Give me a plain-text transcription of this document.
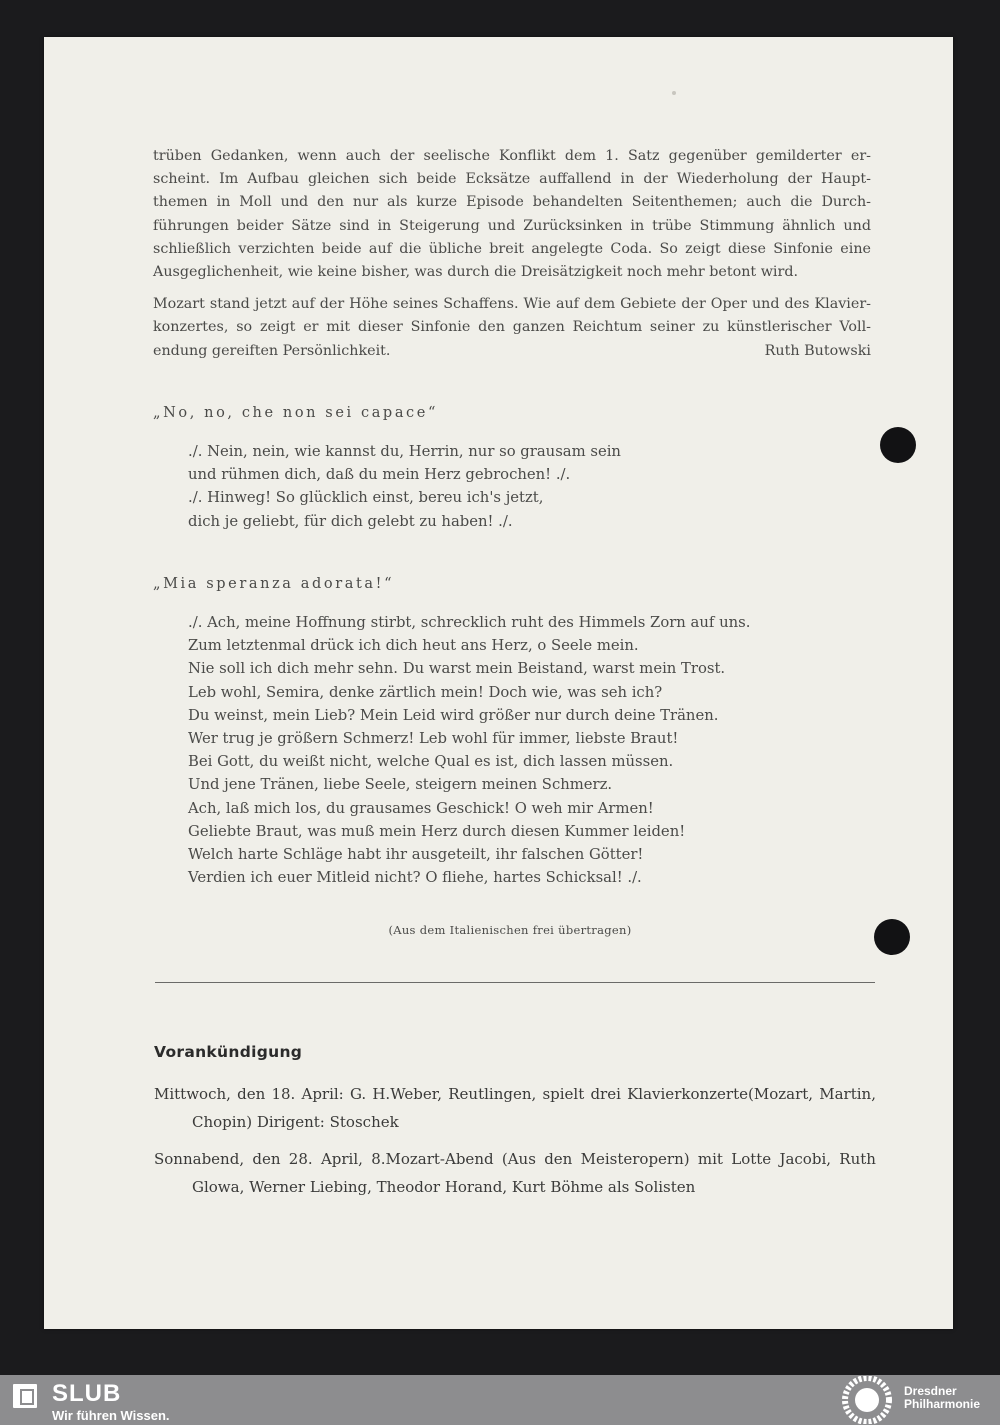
trüben Gedanken, wenn auch der seelische Konflikt dem 1. Satz gegenüber gemilderter er-

scheint. Im Aufbau gleichen sich beide Ecksätze auffallend in der Wiederholung der Haupt-

themen in Moll und den nur als kurze Episode behandelten Seitenthemen; auch die Durch-

führungen beider Sätze sind in Steigerung und Zurücksinken in trübe Stimmung ähnlich und

schließlich verzichten beide auf die übliche breit angelegte Coda. So zeigt diese Sinfonie eine

Ausgeglichenheit, wie keine bisher, was durch die Dreisätzigkeit noch mehr betont wird.

Mozart stand jetzt auf der Höhe seines Schaffens. Wie auf dem Gebiete der Oper und des Klavier-

konzertes, so zeigt er mit dieser Sinfonie den ganzen Reichtum seiner zu künstlerischer Voll-

endung gereiften Persönlichkeit.	Ruth Butowski
„No, no, che non sei capace“
./. Nein, nein, wie kannst du, Herrin, nur so grausam sein
und rühmen dich, daß du mein Herz gebrochen! ./.
./. Hinweg! So glücklich einst, bereu ich's jetzt,
dich je geliebt, für dich gelebt zu haben! ./.
„Mia speranza adorata!“
./. Ach, meine Hoffnung stirbt, schrecklich ruht des Himmels Zorn auf uns.
Zum letztenmal drück ich dich heut ans Herz, o Seele mein.
Nie soll ich dich mehr sehn. Du warst mein Beistand, warst mein Trost.
Leb wohl, Semira, denke zärtlich mein! Doch wie, was seh ich?
Du weinst, mein Lieb? Mein Leid wird größer nur durch deine Tränen.
Wer trug je größern Schmerz! Leb wohl für immer, liebste Braut!
Bei Gott, du weißt nicht, welche Qual es ist, dich lassen müssen.
Und jene Tränen, liebe Seele, steigern meinen Schmerz.
Ach, laß mich los, du grausames Geschick! O weh mir Armen!
Geliebte Braut, was muß mein Herz durch diesen Kummer leiden!
Welch harte Schläge habt ihr ausgeteilt, ihr falschen Götter!
Verdien ich euer Mitleid nicht? O fliehe, hartes Schicksal! ./.
(Aus dem Italienischen frei übertragen)
Vorankündigung
Mittwoch, den 18. April: G. H.Weber, Reutlingen, spielt drei Klavierkonzerte(Mozart, Martin,
Chopin) Dirigent: Stoschek
Sonnabend, den 28. April, 8.Mozart-Abend (Aus den Meisteropern) mit Lotte Jacobi, Ruth
Glowa, Werner Liebing, Theodor Horand, Kurt Böhme als Solisten
SLUB
Wir führen Wissen.
Dresdner
Philharmonie
